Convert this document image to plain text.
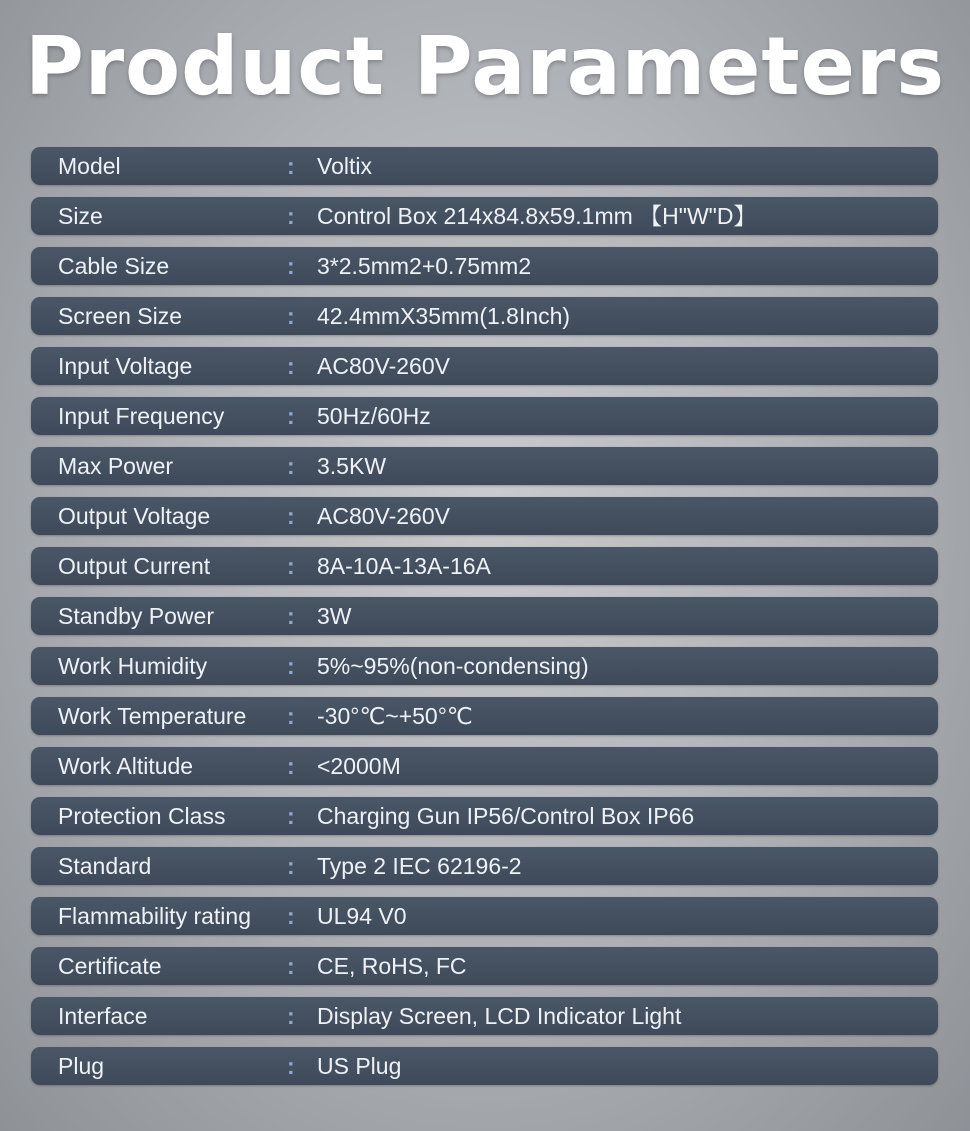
Product Parameters
Model	: Voltix
Size	: Control Box 214x84.8x59.1mm 【H"W"D】
Cable Size	: 3*2.5mm2+0.75mm2
Screen Size	: 42.4mmX35mm(1.8Inch)
Input Voltage	: AC80V-260V
Input Frequency	: 50Hz/60Hz
Max Power	: 3.5KW
Output Voltage	: AC80V-260V
Output Current	: 8A-10A-13A-16A
Standby Power	: 3W
Work Humidity	: 5%~95%(non-condensing)
Work Temperature : -30°℃~+50°℃
Work Altitude	: <2000M
Protection Class	: Charging Gun IP56/Control Box IP66
Standard	: Type 2 IEC 62196-2
Flammability rating : UL94 V0
Certificate	: CE, RoHS, FC
Interface	: Display Screen, LCD Indicator Light
Plug	: US Plug
